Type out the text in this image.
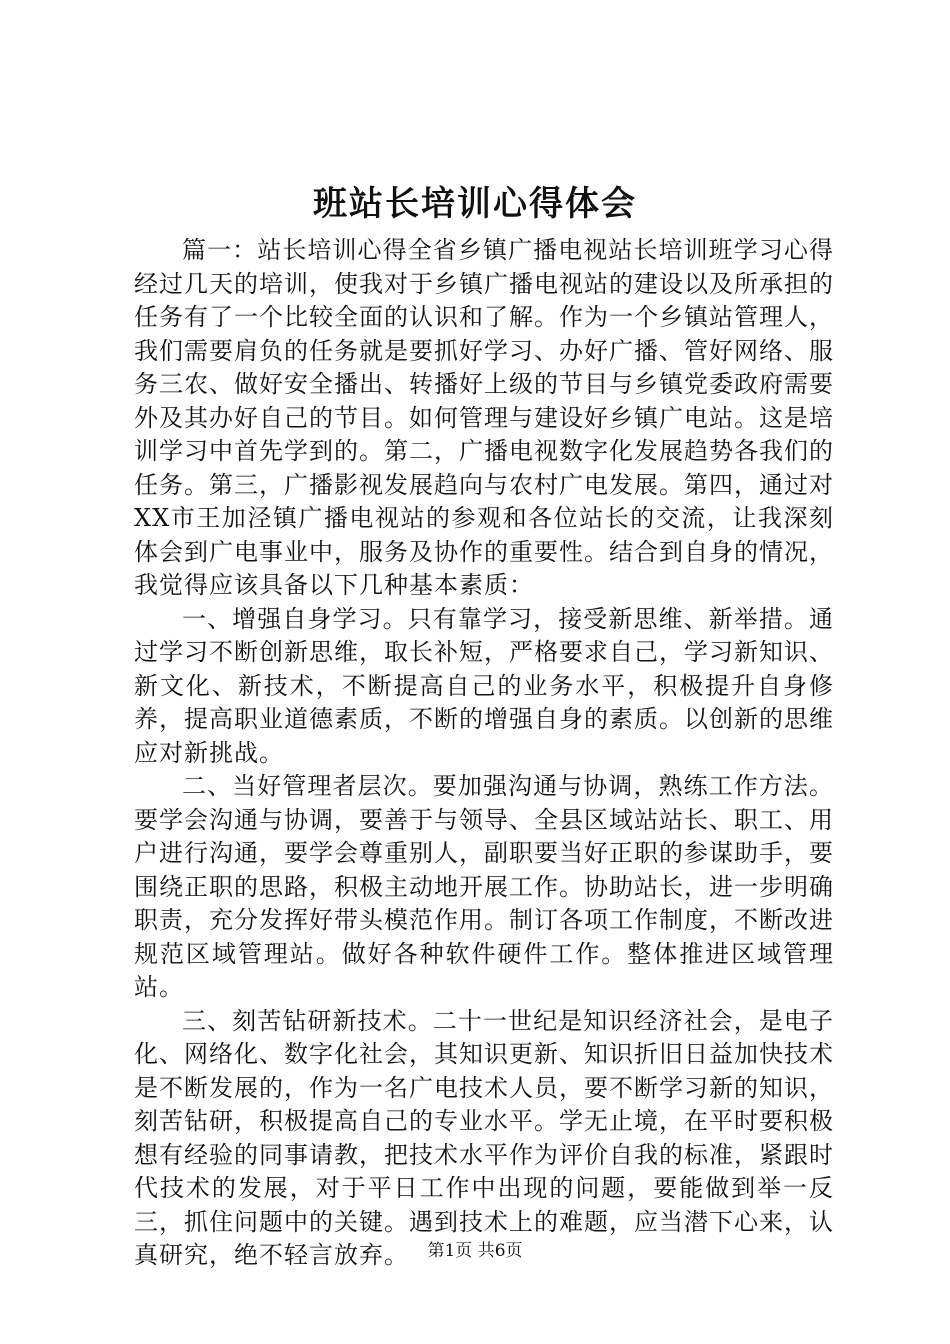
班站长培训心得体会

篇一：站长培训心得全省乡镇广播电视站长培训班学习心得经过几天的培训，使我对于乡镇广播电视站的建设以及所承担的任务有了一个比较全面的认识和了解。作为一个乡镇站管理人，我们需要肩负的任务就是要抓好学习、办好广播、管好网络、服务三农、做好安全播出、转播好上级的节目与乡镇党委政府需要外及其办好自己的节目。如何管理与建设好乡镇广电站。这是培训学习中首先学到的。第二，广播电视数字化发展趋势各我们的任务。第三，广播影视发展趋向与农村广电发展。第四，通过对XX市王加泾镇广播电视站的参观和各位站长的交流，让我深刻体会到广电事业中，服务及协作的重要性。结合到自身的情况，我觉得应该具备以下几种基本素质：

一、增强自身学习。只有靠学习，接受新思维、新举措。通过学习不断创新思维，取长补短，严格要求自己，学习新知识、新文化、新技术，不断提高自己的业务水平，积极提升自身修养，提高职业道德素质，不断的增强自身的素质。以创新的思维应对新挑战。

二、当好管理者层次。要加强沟通与协调，熟练工作方法。要学会沟通与协调，要善于与领导、全县区域站站长、职工、用户进行沟通，要学会尊重别人，副职要当好正职的参谋助手，要围绕正职的思路，积极主动地开展工作。协助站长，进一步明确职责，充分发挥好带头模范作用。制订各项工作制度，不断改进规范区域管理站。做好各种软件硬件工作。整体推进区域管理站。

三、刻苦钻研新技术。二十一世纪是知识经济社会，是电子化、网络化、数字化社会，其知识更新、知识折旧日益加快技术是不断发展的，作为一名广电技术人员，要不断学习新的知识，刻苦钻研，积极提高自己的专业水平。学无止境，在平时要积极想有经验的同事请教，把技术水平作为评价自我的标准，紧跟时代技术的发展，对于平日工作中出现的问题，要能做到举一反三，抓住问题中的关键。遇到技术上的难题，应当潜下心来，认真研究，绝不轻言放弃。	第1页 共6页
